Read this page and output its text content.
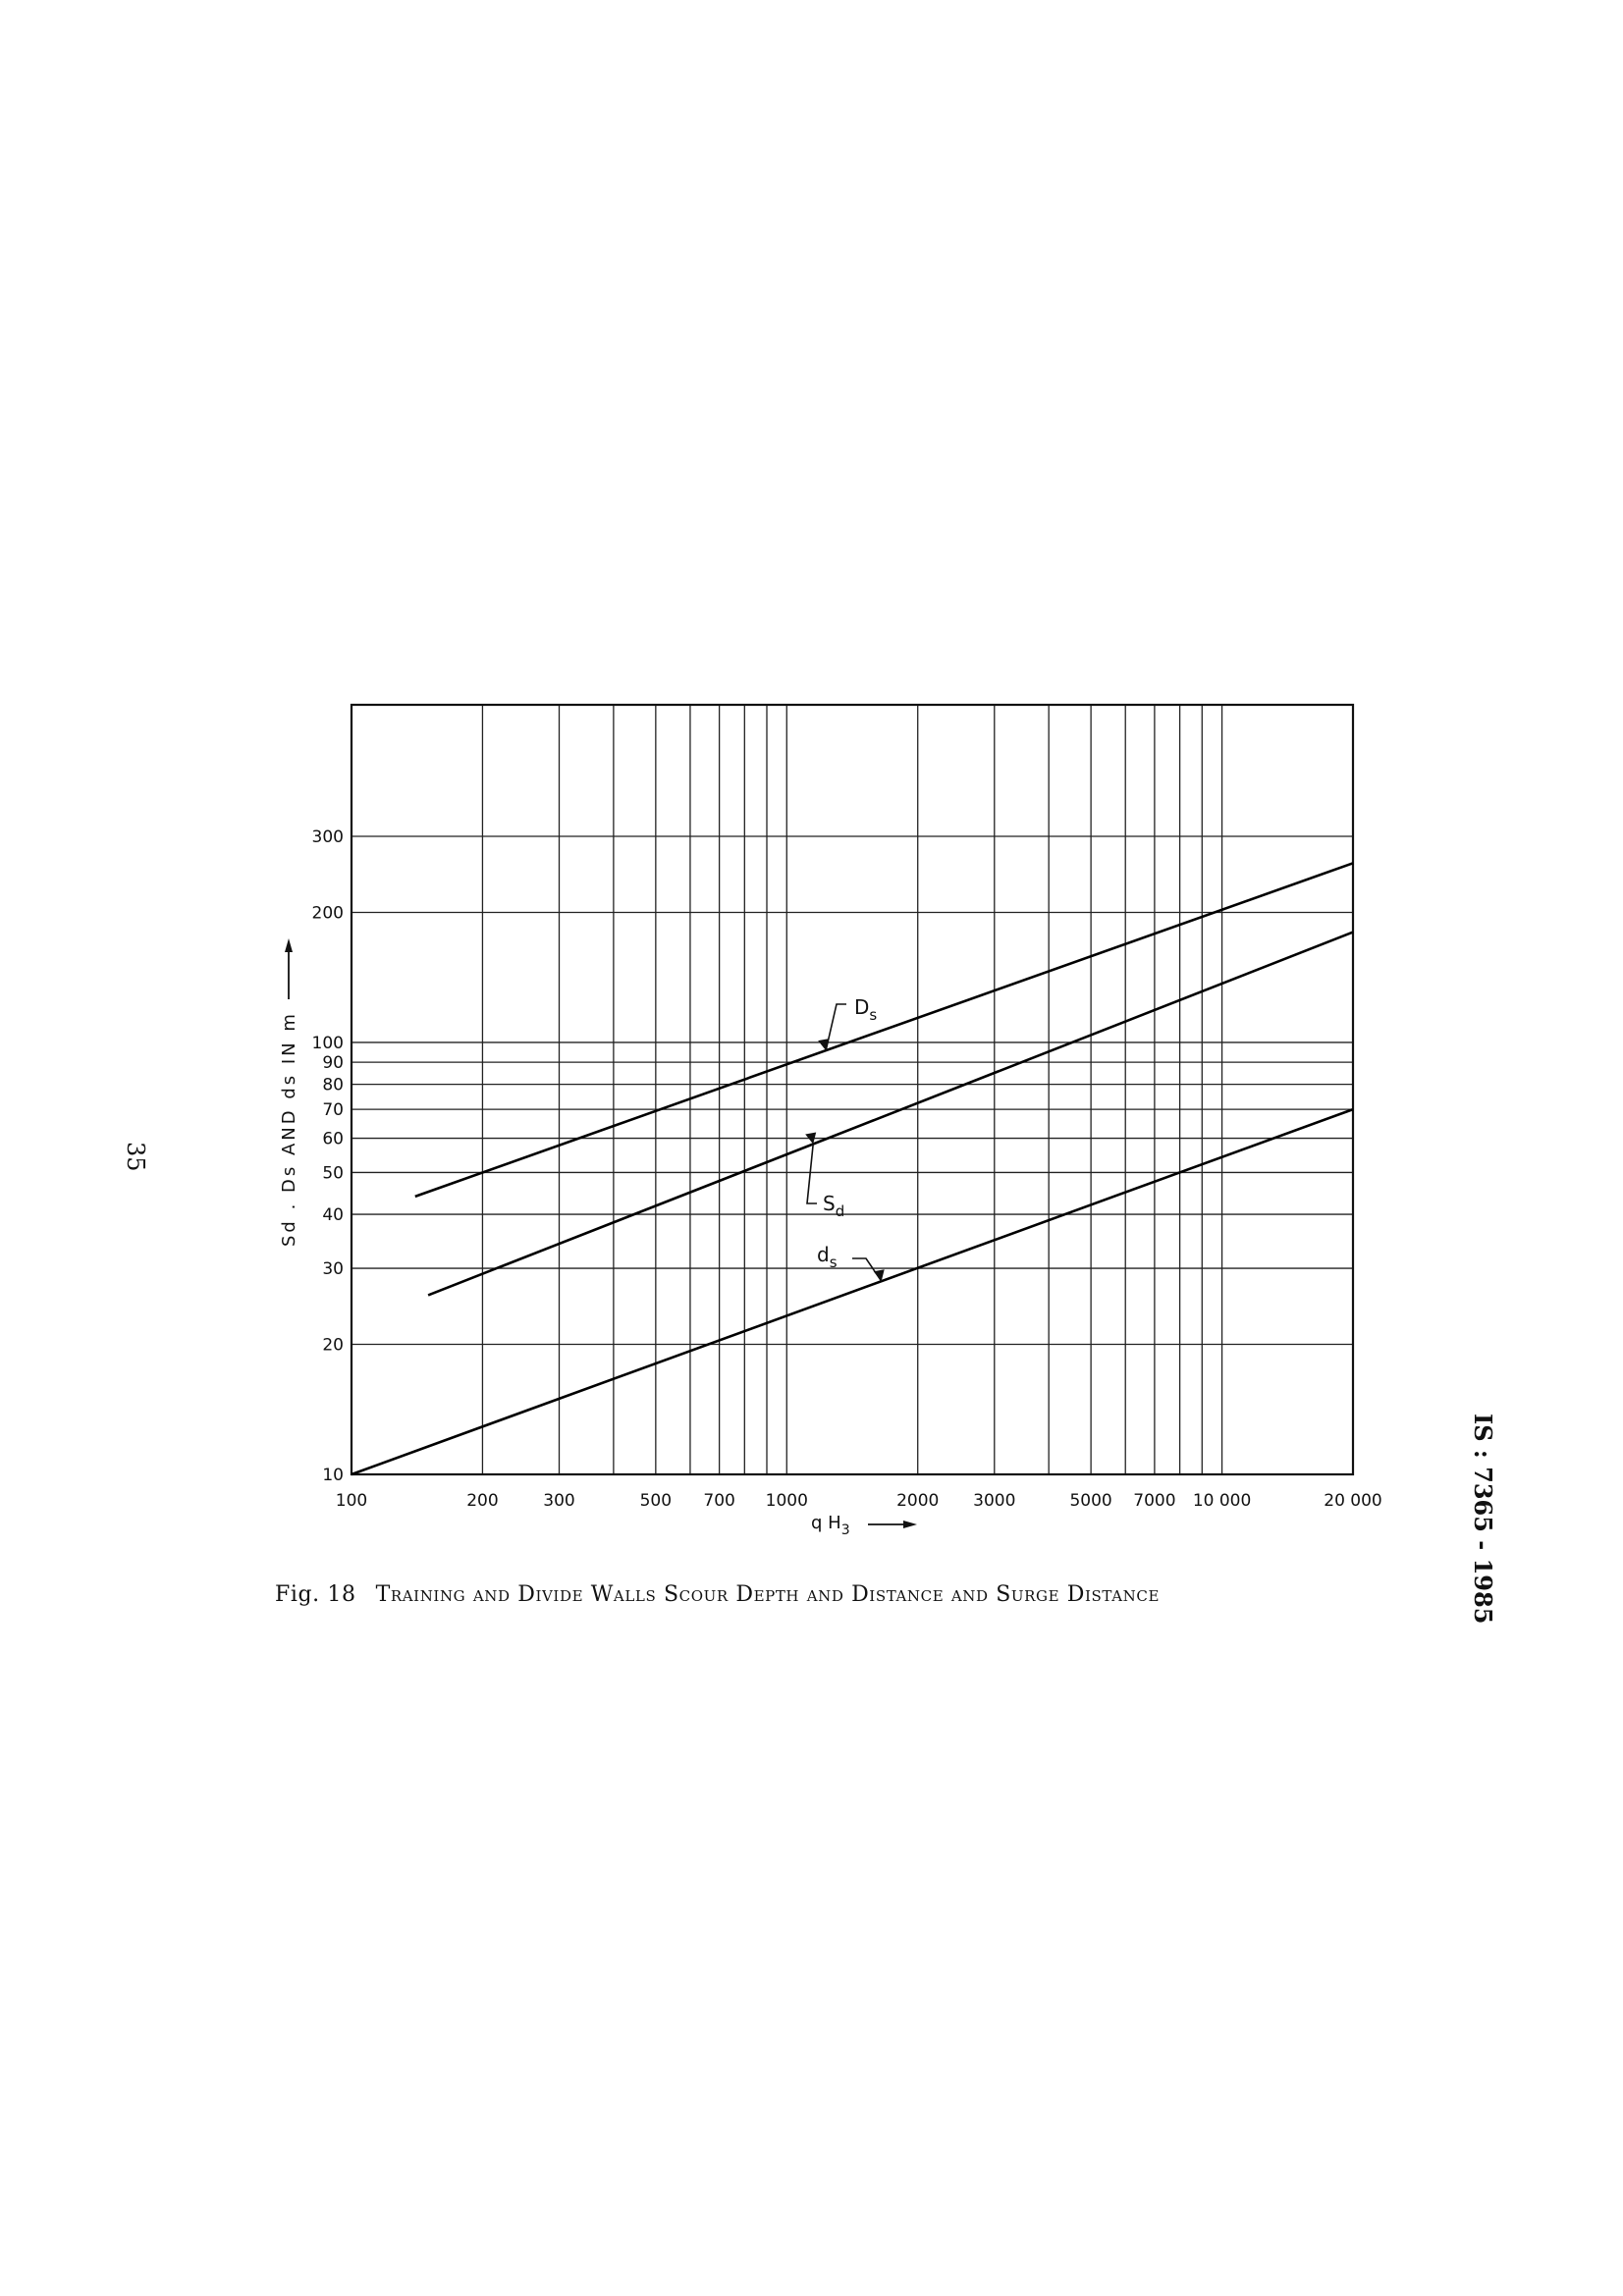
$D_s$
$S_d$
$d_s$
100	200	300	500 700 1000	2000 3000	5000 7000 10 000	20 000
10
20
30
40
50
60
70
80
90
100
200
300
q $H_3$
Sd . Ds AND ds IN m
35
IS : 7365 - 1985
Fig. 18 Training and Divide Walls Scour Depth and Distance and Surge Distance
